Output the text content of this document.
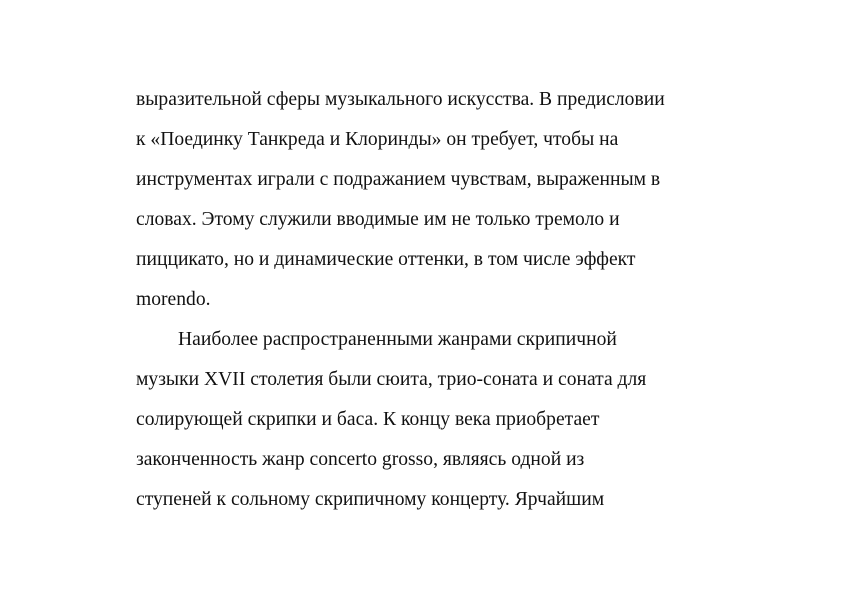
выразительной сферы музыкального искусства. В предисловии
к «Поединку Танкреда и Клоринды» он требует, чтобы на
инструментах играли с подражанием чувствам, выраженным в
словах. Этому служили вводимые им не только тремоло и
пиццикато, но и динамические оттенки, в том числе эффект
morendo.
Наиболее распространенными жанрами скрипичной
музыки XVII столетия были сюита, трио-соната и соната для
солирующей скрипки и баса. К концу века приобретает
законченность жанр concerto grosso, являясь одной из
ступеней к сольному скрипичному концерту. Ярчайшим
